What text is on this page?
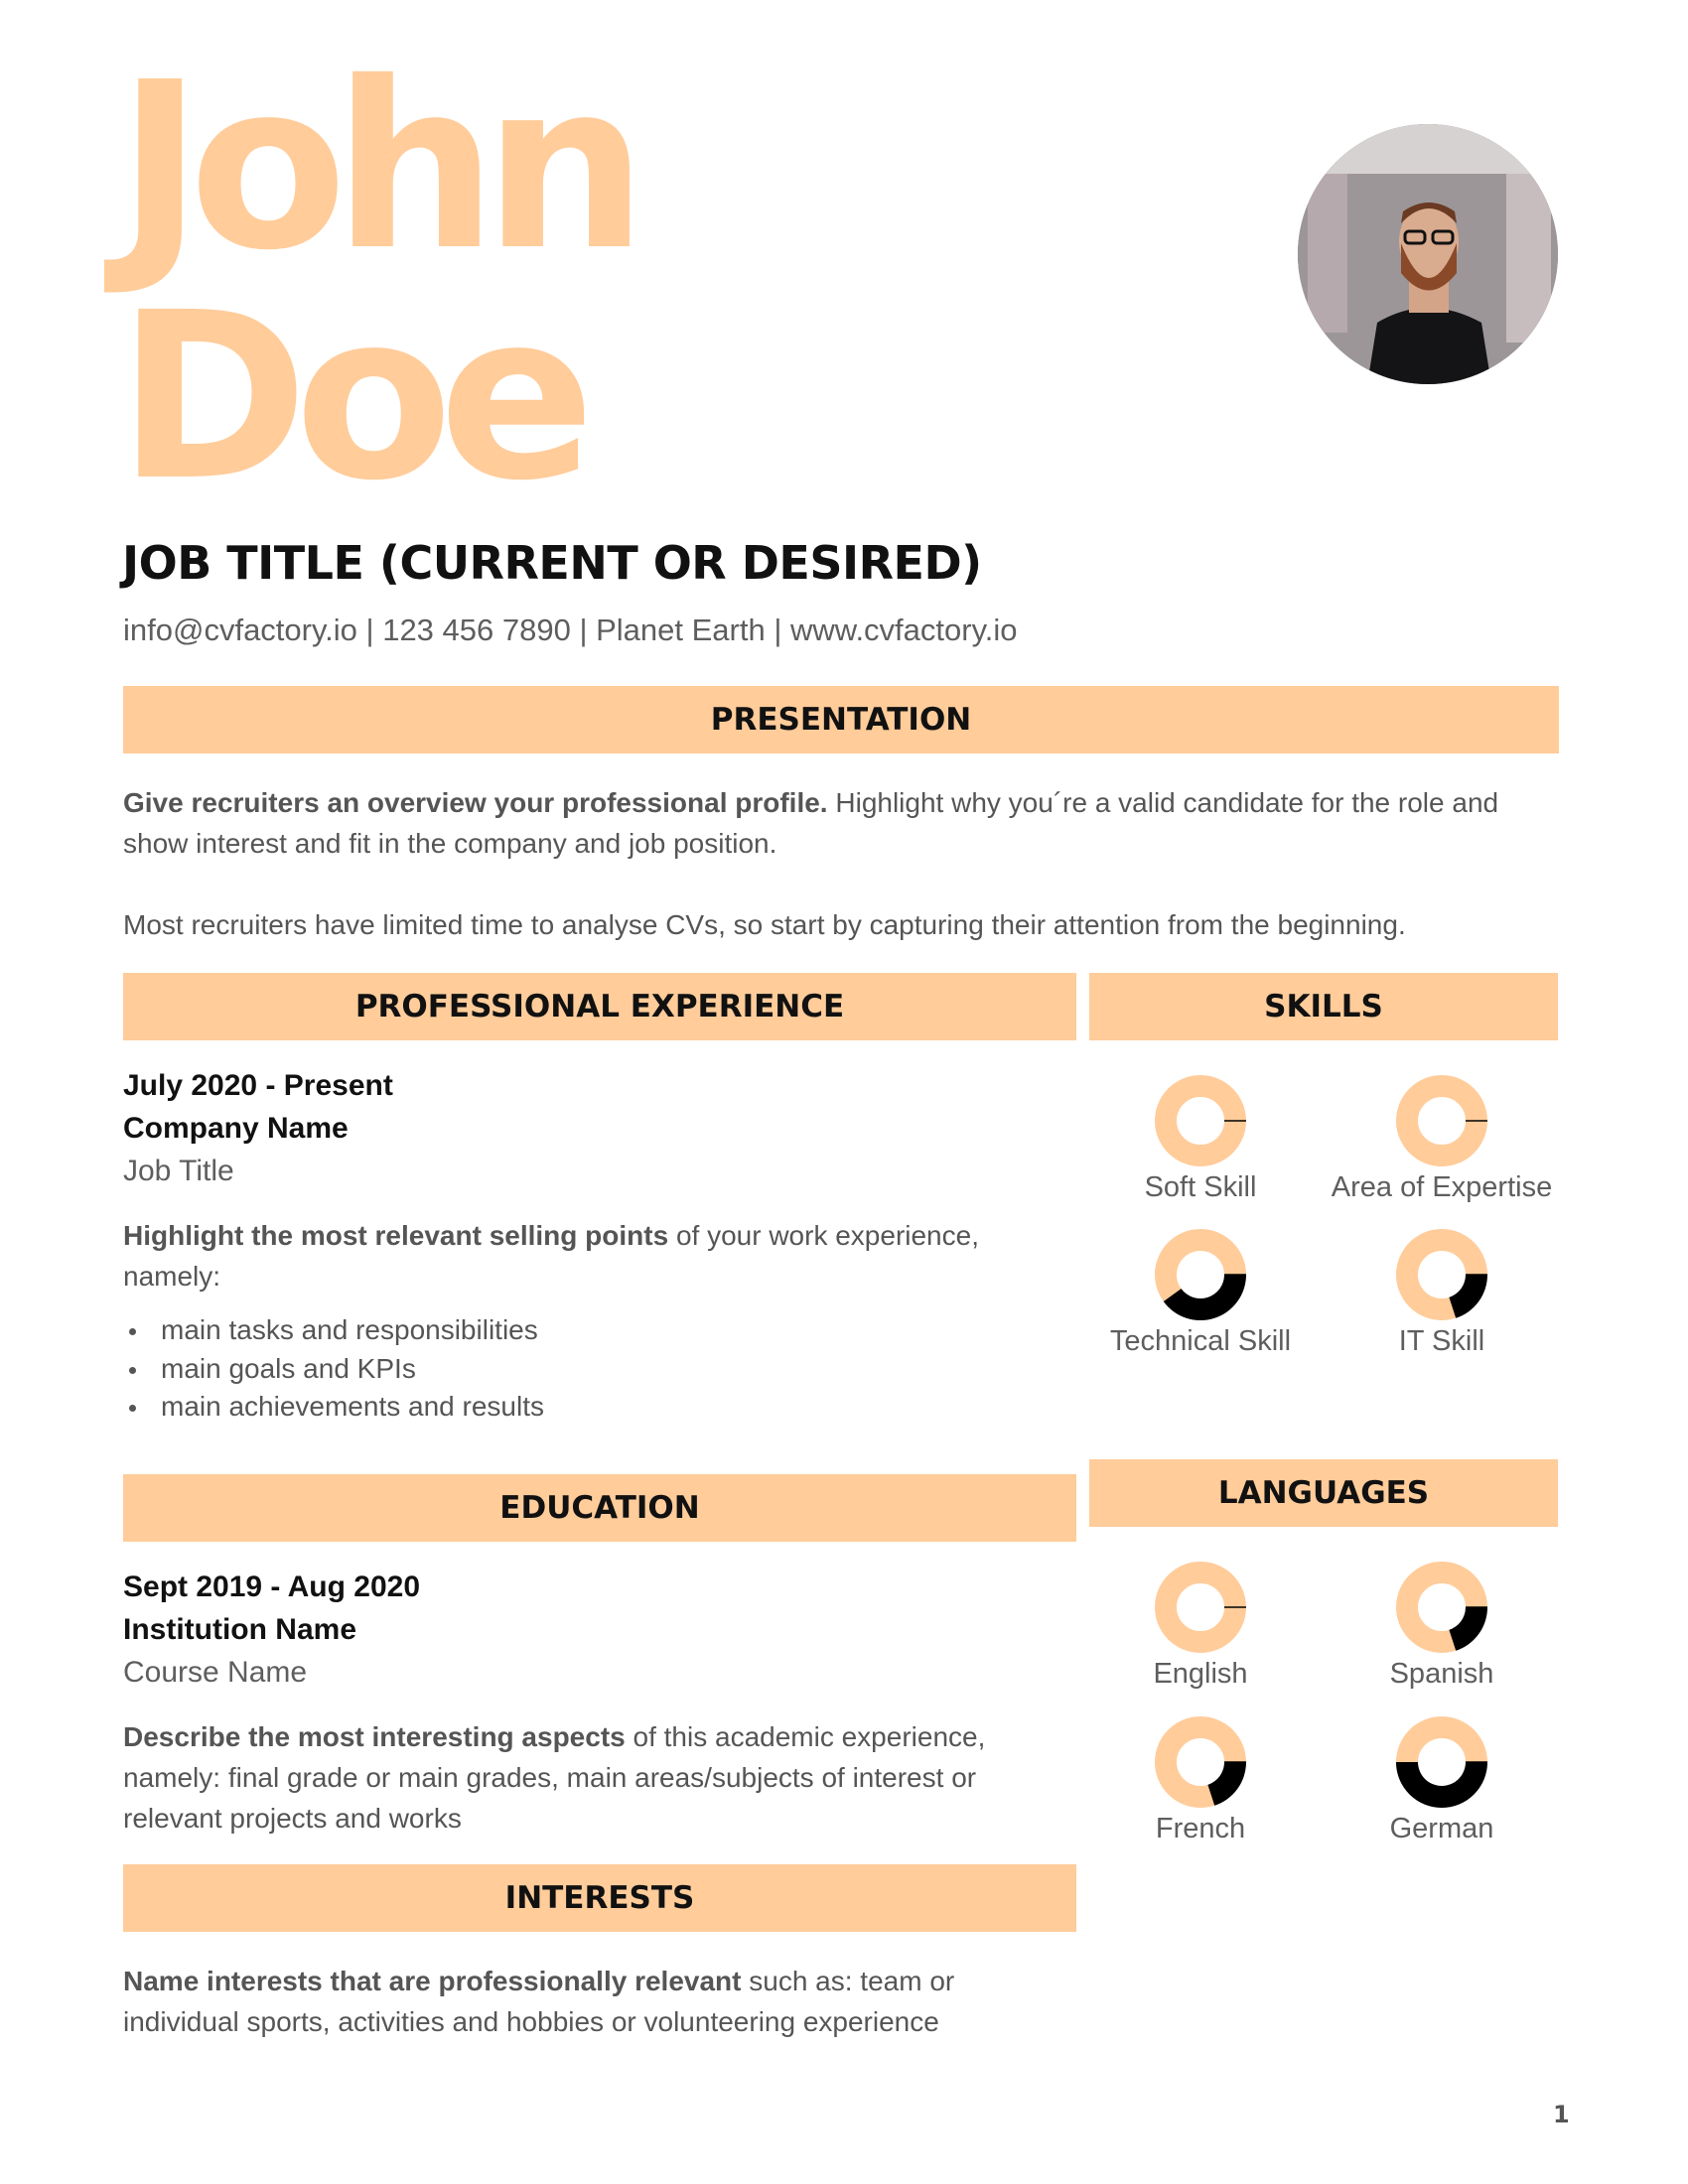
John
Doe
JOB TITLE (CURRENT OR DESIRED)
info@cvfactory.io | 123 456 7890 | Planet Earth | www.cvfactory.io
PRESENTATION
Give recruiters an overview your professional profile. Highlight why you´re a valid candidate for the role and show interest and fit in the company and job position.
Most recruiters have limited time to analyse CVs, so start by capturing their attention from the beginning.
PROFESSIONAL EXPERIENCE
July 2020 - Present
Company Name
Job Title
Highlight the most relevant selling points of your work experience, namely:
main tasks and responsibilities
main goals and KPIs
main achievements and results
EDUCATION
Sept 2019 - Aug 2020
Institution Name
Course Name
Describe the most interesting aspects of this academic experience, namely: final grade or main grades, main areas/subjects of interest or relevant projects and works
INTERESTS
Name interests that are professionally relevant such as: team or individual sports, activities and hobbies or volunteering experience
SKILLS
Soft Skill	Area of Expertise
Technical Skill	IT Skill
LANGUAGES
English	Spanish
French	German
1
